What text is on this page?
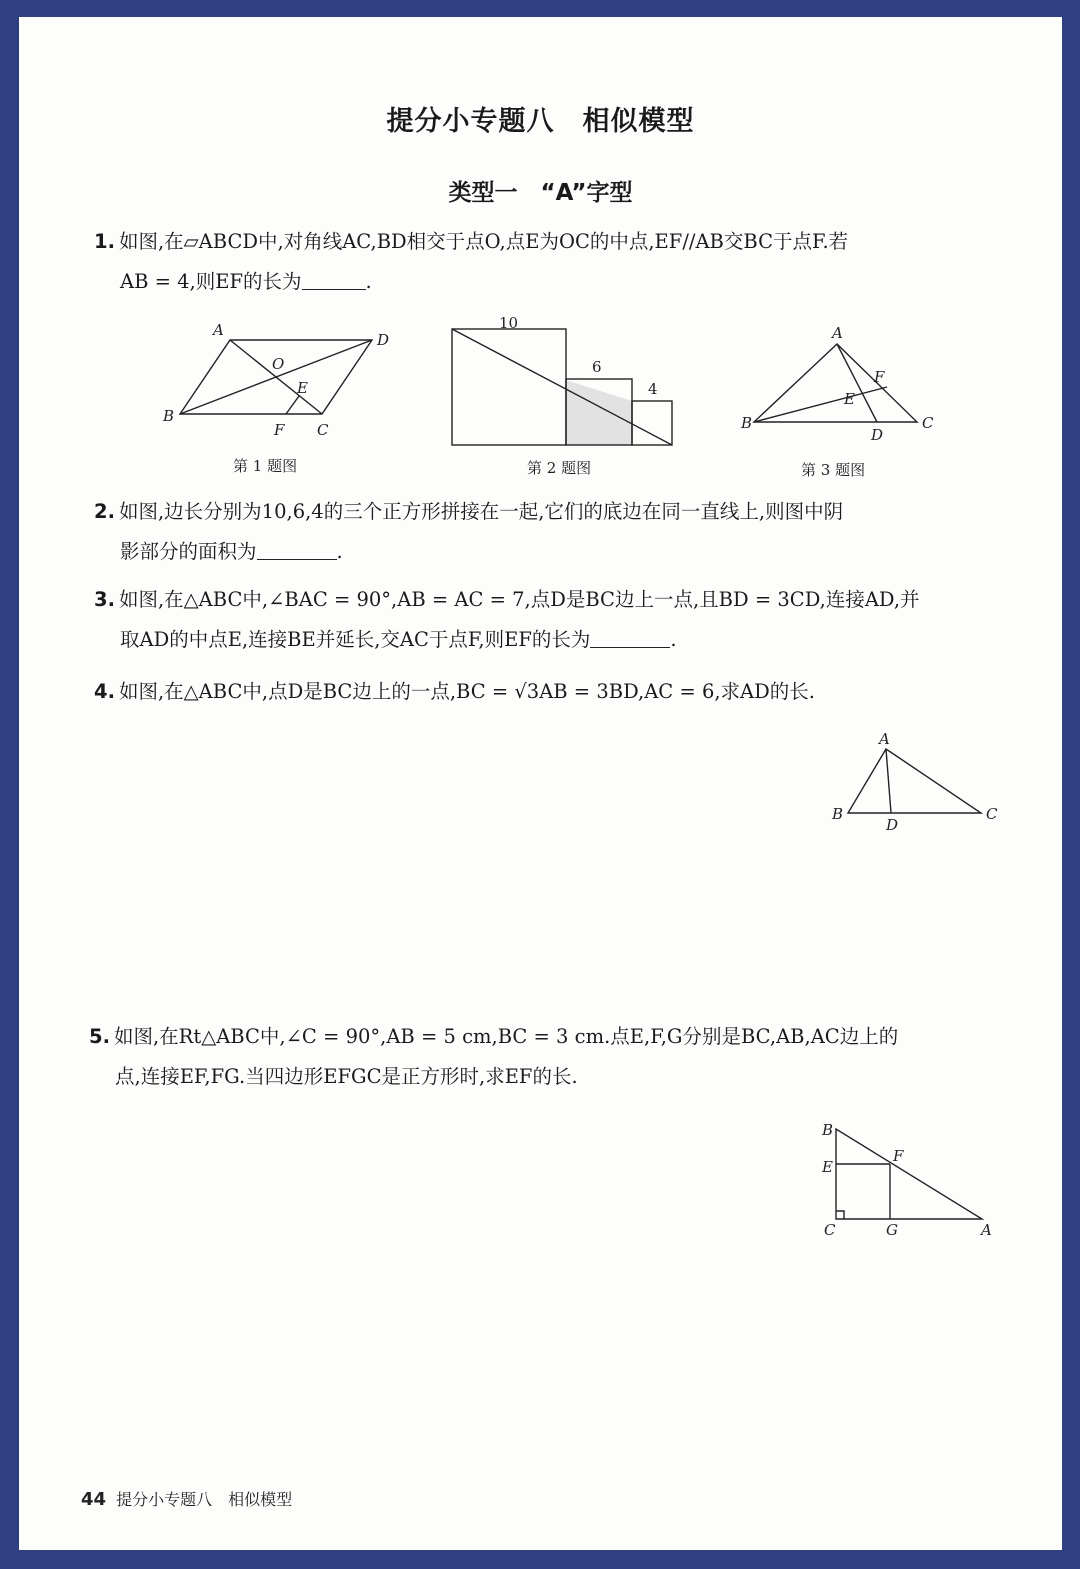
提分小专题八　相似模型
类型一　“A”字型
1. 如图,在▱ABCD中,对角线AC,BD相交于点O,点E为OC的中点,EF//AB交BC于点F.若
AB = 4,则EF的长为	.
A
B
C
D
O
E
F
第 1 题图
10
6
4
第 2 题图
A
B	C
D
E
F
第 3 题图
2. 如图,边长分别为10,6,4的三个正方形拼接在一起,它们的底边在同一直线上,则图中阴
影部分的面积为	.
3. 如图,在△ABC中,∠BAC = 90°,AB = AC = 7,点D是BC边上一点,且BD = 3CD,连接AD,并
取AD的中点E,连接BE并延长,交AC于点F,则EF的长为	.
4. 如图,在△ABC中,点D是BC边上的一点,BC = √3AB = 3BD,AC = 6,求AD的长.
A
B	C
D
5. 如图,在Rt△ABC中,∠C = 90°,AB = 5 cm,BC = 3 cm.点E,F,G分别是BC,AB,AC边上的
点,连接EF,FG.当四边形EFGC是正方形时,求EF的长.
B
E
F
C	G	A
44 提分小专题八　相似模型
